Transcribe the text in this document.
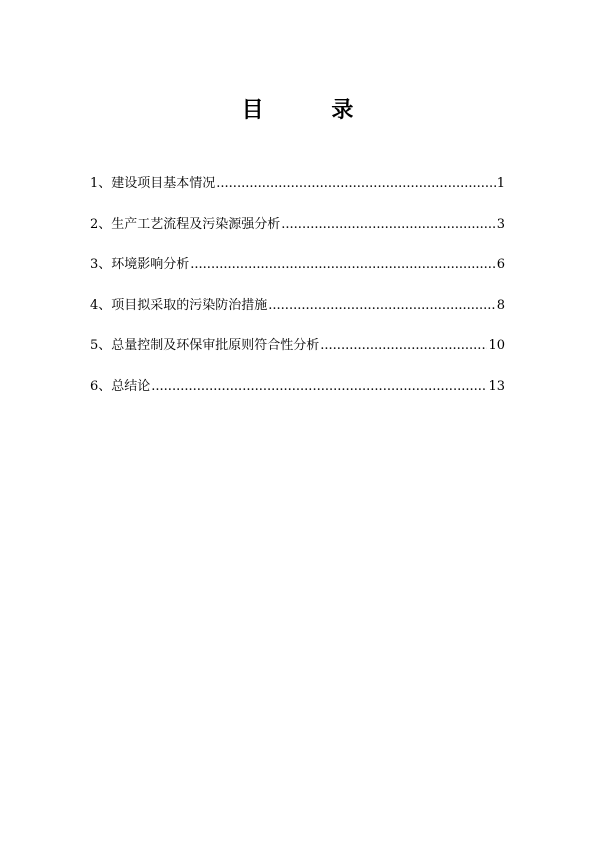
目 录
1、建设项目基本情况 .....	1
2、生产工艺流程及污染源强分析 .....	3
3、环境影响分析 .....	6
4、项目拟采取的污染防治措施 .....	8
5、总量控制及环保审批原则符合性分析 .....	10
6、总结论 .....	13
